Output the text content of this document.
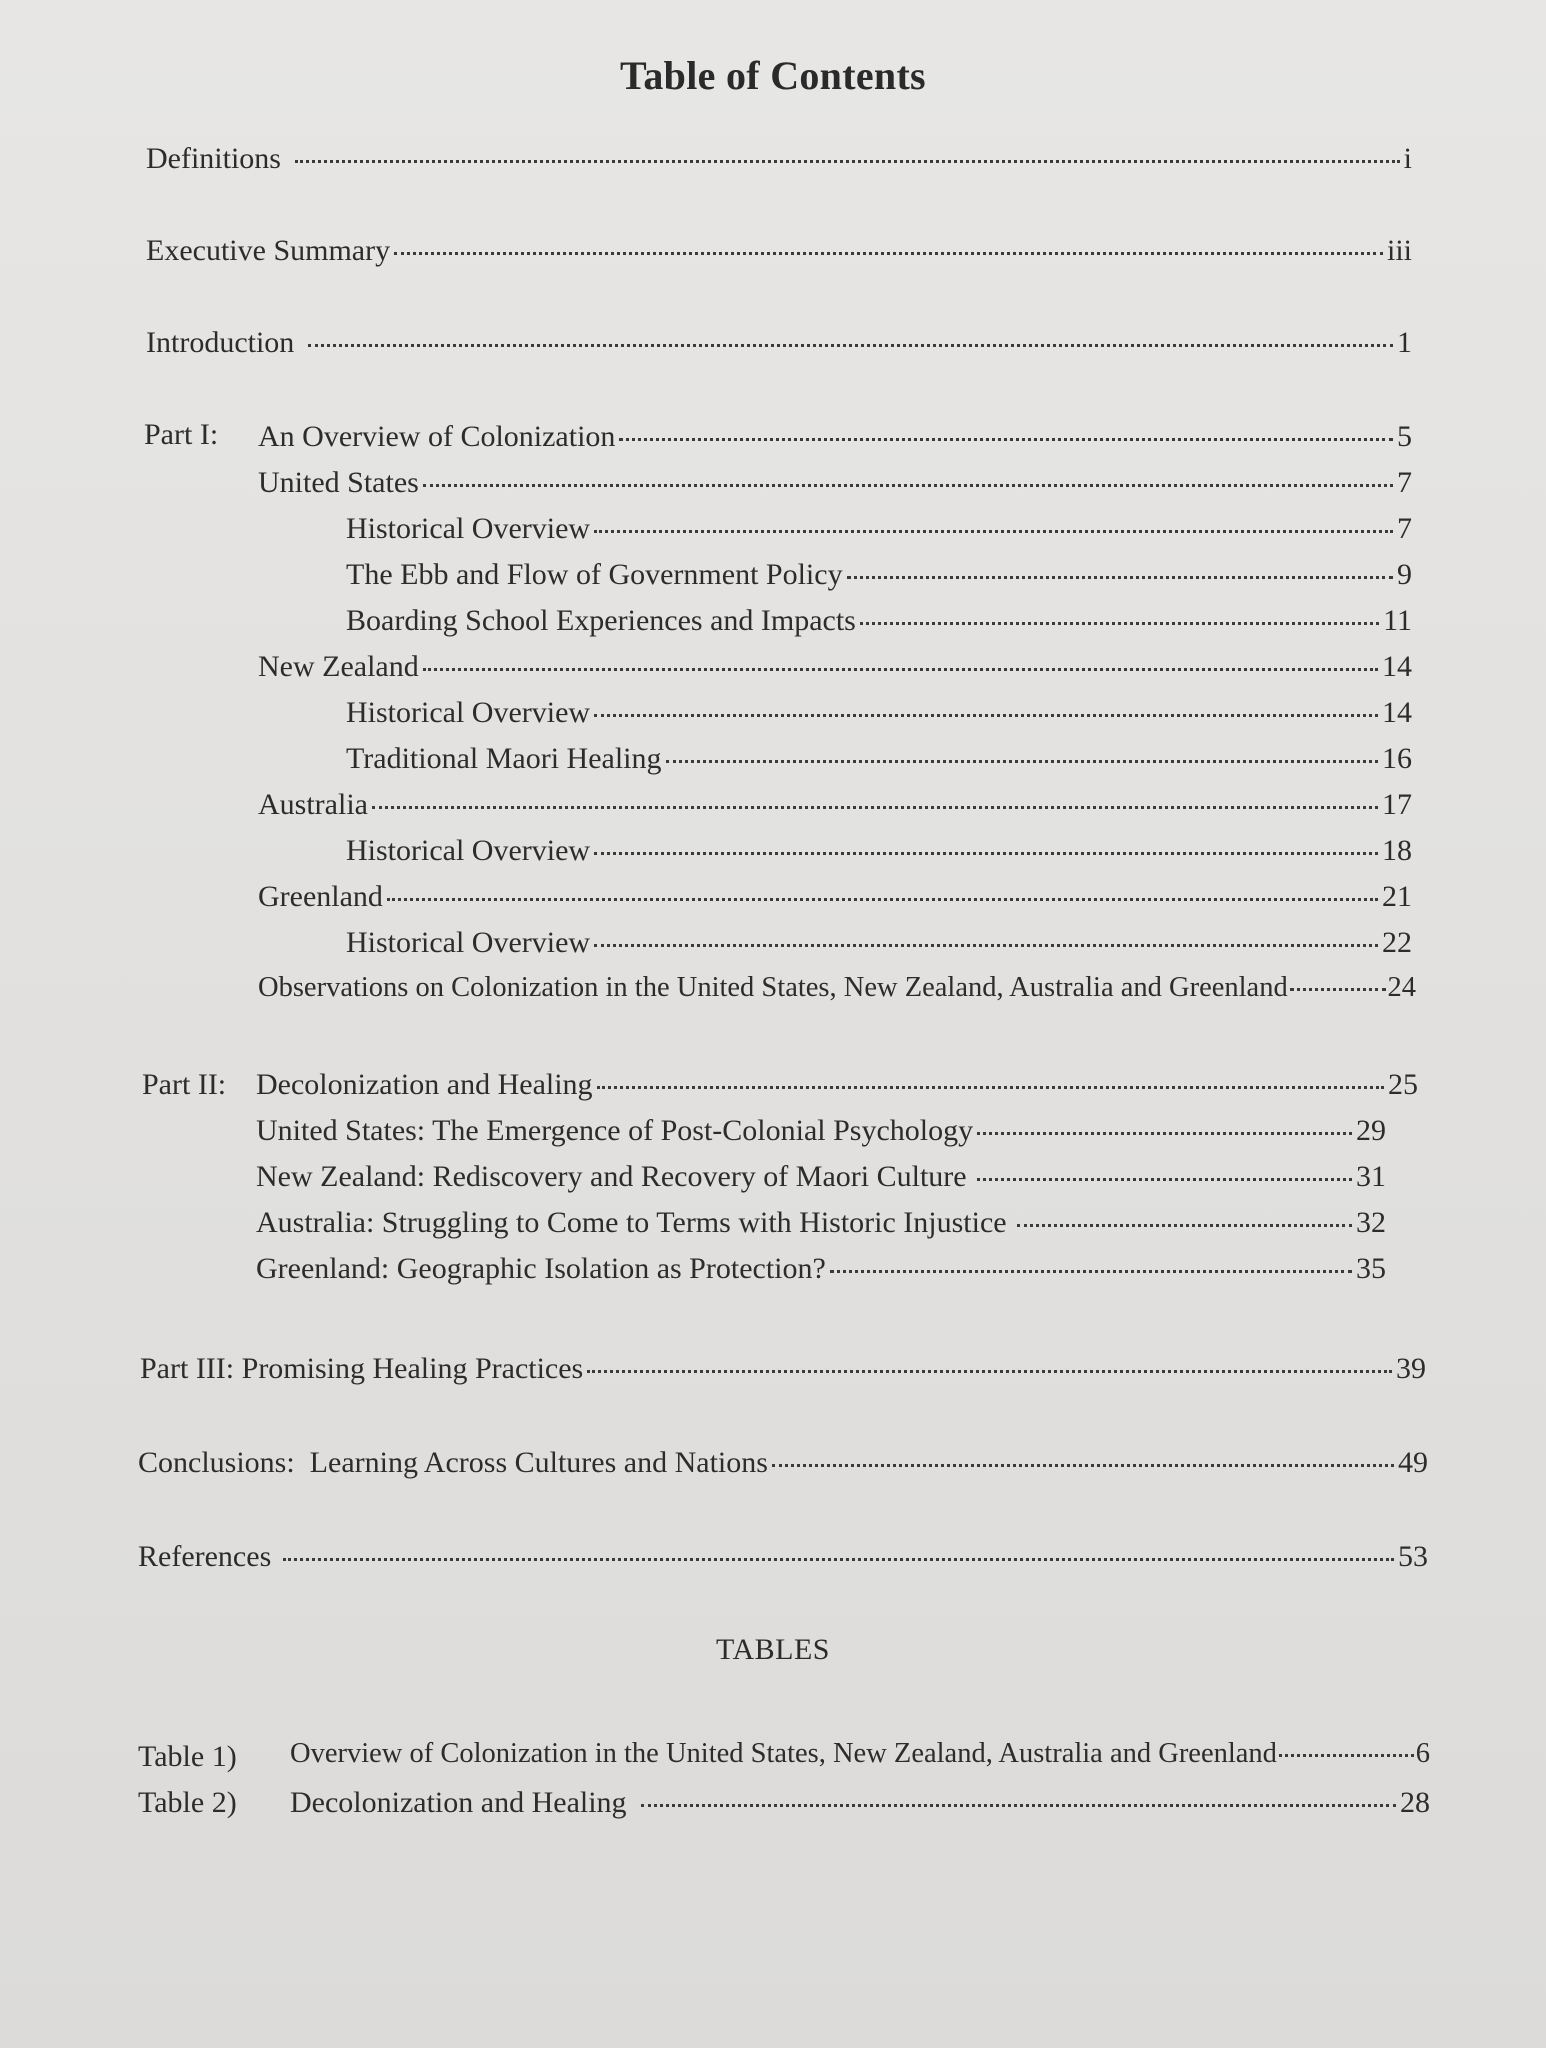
Table of Contents
Definitions	i
Executive Summary	iii
Introduction	1
Part I: An Overview of Colonization	5
United States	7
Historical Overview	7
The Ebb and Flow of Government Policy	9
Boarding School Experiences and Impacts	11
New Zealand	14
Historical Overview	14
Traditional Maori Healing	16
Australia	17
Historical Overview	18
Greenland	21
Historical Overview	22
Observations on Colonization in the United States, New Zealand, Australia and Greenland	24
Part II: Decolonization and Healing	25
United States: The Emergence of Post-Colonial Psychology	29
New Zealand: Rediscovery and Recovery of Maori Culture	31
Australia: Struggling to Come to Terms with Historic Injustice	32
Greenland: Geographic Isolation as Protection?	35
Part III: Promising Healing Practices	39
Conclusions:  Learning Across Cultures and Nations	49
References	53
TABLES
Table 1) Overview of Colonization in the United States, New Zealand, Australia and Greenland	6
Table 2) Decolonization and Healing	28
